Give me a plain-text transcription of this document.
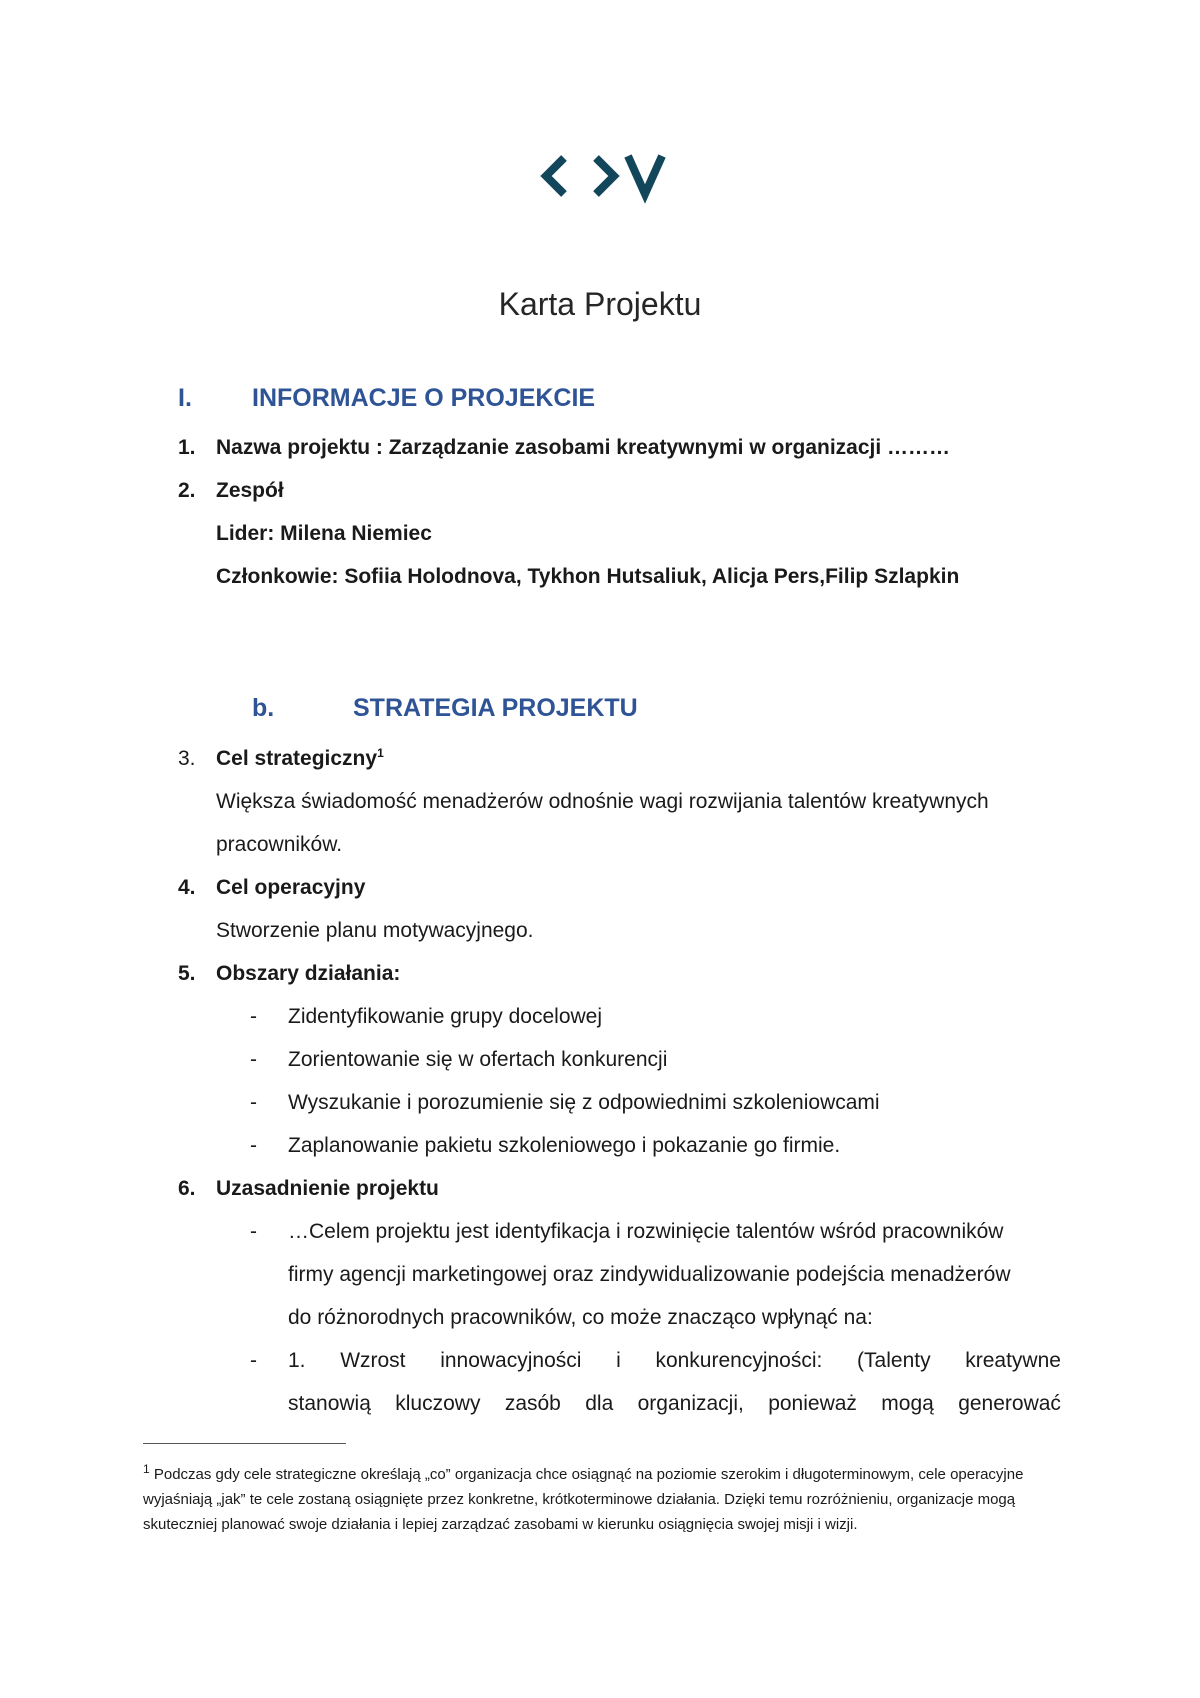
Karta Projektu
I. INFORMACJE O PROJEKCIE
1. Nazwa projektu : Zarządzanie zasobami kreatywnymi w organizacji ………
2. Zespół
Lider: Milena Niemiec
Członkowie: Sofiia Holodnova, Tykhon Hutsaliuk, Alicja Pers,Filip Szlapkin
b.	STRATEGIA PROJEKTU
3. Cel strategiczny$^1$
Większa świadomość menadżerów odnośnie wagi rozwijania talentów kreatywnych
pracowników.
4. Cel operacyjny
Stworzenie planu motywacyjnego.
5. Obszary działania:
- Zidentyfikowanie grupy docelowej
- Zorientowanie się w ofertach konkurencji
- Wyszukanie i porozumienie się z odpowiednimi szkoleniowcami
- Zaplanowanie pakietu szkoleniowego i pokazanie go firmie.
6. Uzasadnienie projektu
- …Celem projektu jest identyfikacja i rozwinięcie talentów wśród pracowników
firmy agencji marketingowej oraz zindywidualizowanie podejścia menadżerów
do różnorodnych pracowników, co może znacząco wpłynąć na:
- 1. Wzrost innowacyjności i konkurencyjności: (Talenty kreatywne
stanowią kluczowy zasób dla organizacji, ponieważ mogą generować
$^1$ Podczas gdy cele strategiczne określają „co” organizacja chce osiągnąć na poziomie szerokim i długoterminowym, cele operacyjne wyjaśniają „jak” te cele zostaną osiągnięte przez konkretne, krótkoterminowe działania. Dzięki temu rozróżnieniu, organizacje mogą skuteczniej planować swoje działania i lepiej zarządzać zasobami w kierunku osiągnięcia swojej misji i wizji.
